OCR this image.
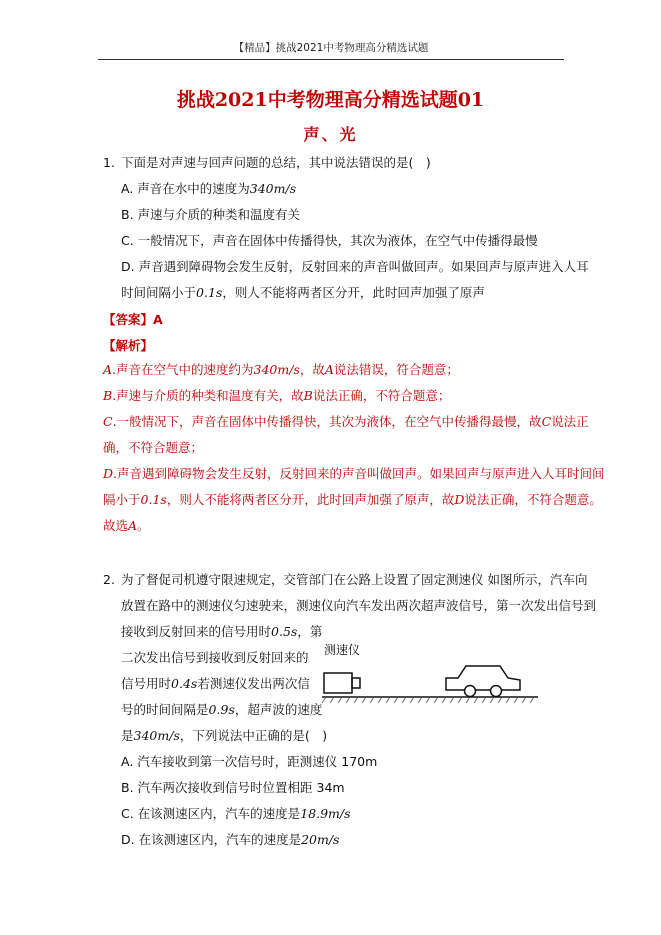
【精品】挑战2021中考物理高分精选试题
挑战2021中考物理高分精选试题01
声、光
1. 下面是对声速与回声问题的总结，其中说法错误的是(　)
A. 声音在水中的速度为340m/s
B. 声速与介质的种类和温度有关
C. 一般情况下，声音在固体中传播得快，其次为液体，在空气中传播得最慢
D. 声音遇到障碍物会发生反射，反射回来的声音叫做回声。如果回声与原声进入人耳
时间间隔小于0.1s，则人不能将两者区分开，此时回声加强了原声
【答案】A
【解析】
A.声音在空气中的速度约为340m/s，故A说法错误，符合题意；
B.声速与介质的种类和温度有关，故B说法正确，不符合题意；
C.一般情况下，声音在固体中传播得快，其次为液体，在空气中传播得最慢，故C说法正
确，不符合题意；
D.声音遇到障碍物会发生反射，反射回来的声音叫做回声。如果回声与原声进入人耳时间间
隔小于0.1s，则人不能将两者区分开，此时回声加强了原声，故D说法正确，不符合题意。
故选A。
2. 为了督促司机遵守限速规定，交管部门在公路上设置了固定测速仪 如图所示，汽车向
放置在路中的测速仪匀速驶来，测速仪向汽车发出两次超声波信号，第一次发出信号到
接收到反射回来的信号用时0.5s，第
二次发出信号到接收到反射回来的
信号用时0.4s若测速仪发出两次信
号的时间间隔是0.9s，超声波的速度
是340m/s，下列说法中正确的是(　)
A. 汽车接收到第一次信号时，距测速仪 170m
B. 汽车两次接收到信号时位置相距 34m
C. 在该测速区内，汽车的速度是18.9m/s
D. 在该测速区内，汽车的速度是20m/s
测速仪
